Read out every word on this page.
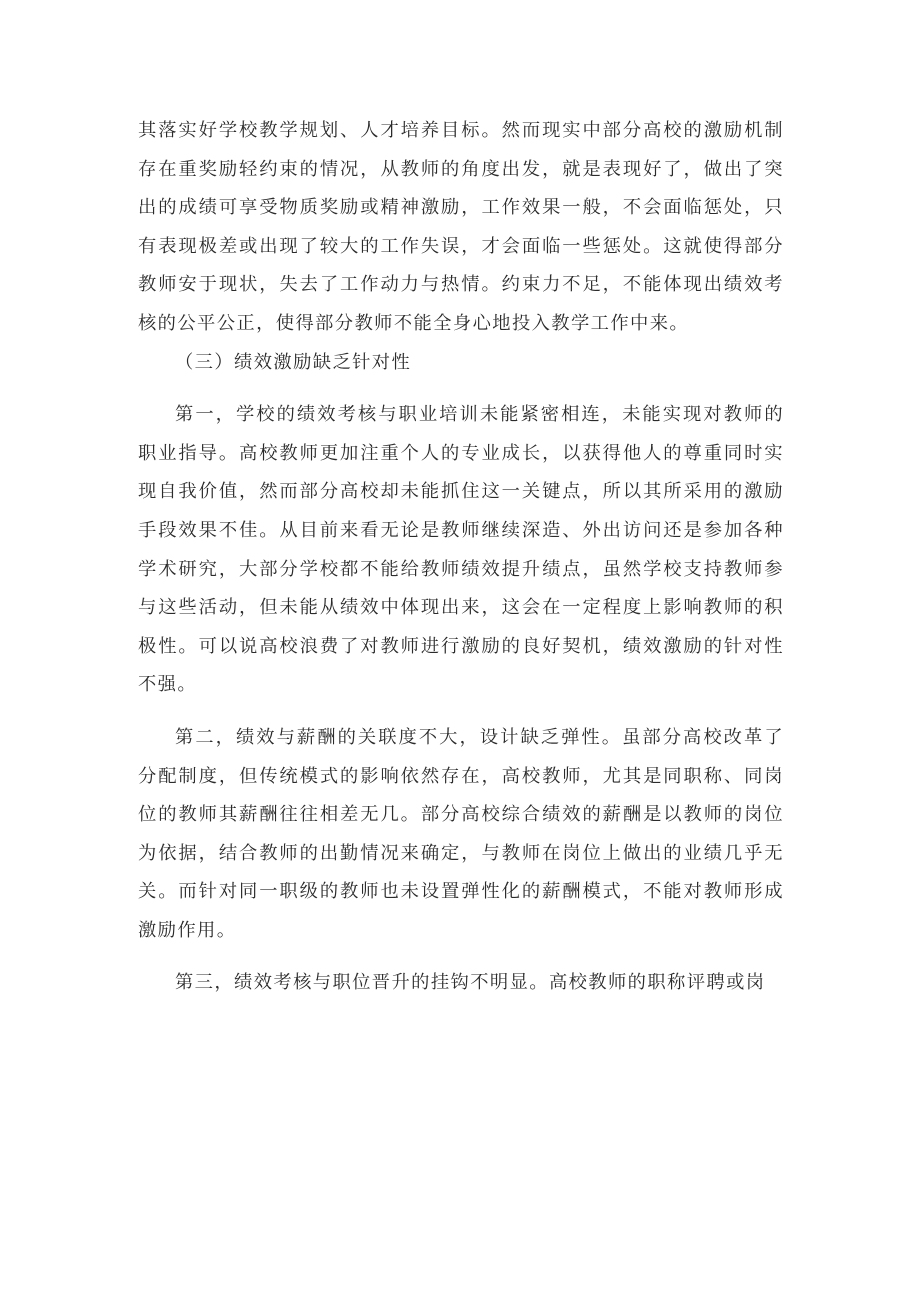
其落实好学校教学规划、人才培养目标。然而现实中部分高校的激励机制存在重奖励轻约束的情况，从教师的角度出发，就是表现好了，做出了突出的成绩可享受物质奖励或精神激励，工作效果一般，不会面临惩处，只有表现极差或出现了较大的工作失误，才会面临一些惩处。这就使得部分教师安于现状，失去了工作动力与热情。约束力不足，不能体现出绩效考核的公平公正，使得部分教师不能全身心地投入教学工作中来。

（三）绩效激励缺乏针对性

第一，学校的绩效考核与职业培训未能紧密相连，未能实现对教师的职业指导。高校教师更加注重个人的专业成长，以获得他人的尊重同时实现自我价值，然而部分高校却未能抓住这一关键点，所以其所采用的激励手段效果不佳。从目前来看无论是教师继续深造、外出访问还是参加各种学术研究，大部分学校都不能给教师绩效提升绩点，虽然学校支持教师参与这些活动，但未能从绩效中体现出来，这会在一定程度上影响教师的积极性。可以说高校浪费了对教师进行激励的良好契机，绩效激励的针对性不强。

第二，绩效与薪酬的关联度不大，设计缺乏弹性。虽部分高校改革了分配制度，但传统模式的影响依然存在，高校教师，尤其是同职称、同岗位的教师其薪酬往往相差无几。部分高校综合绩效的薪酬是以教师的岗位为依据，结合教师的出勤情况来确定，与教师在岗位上做出的业绩几乎无关。而针对同一职级的教师也未设置弹性化的薪酬模式，不能对教师形成激励作用。

第三，绩效考核与职位晋升的挂钩不明显。高校教师的职称评聘或岗
